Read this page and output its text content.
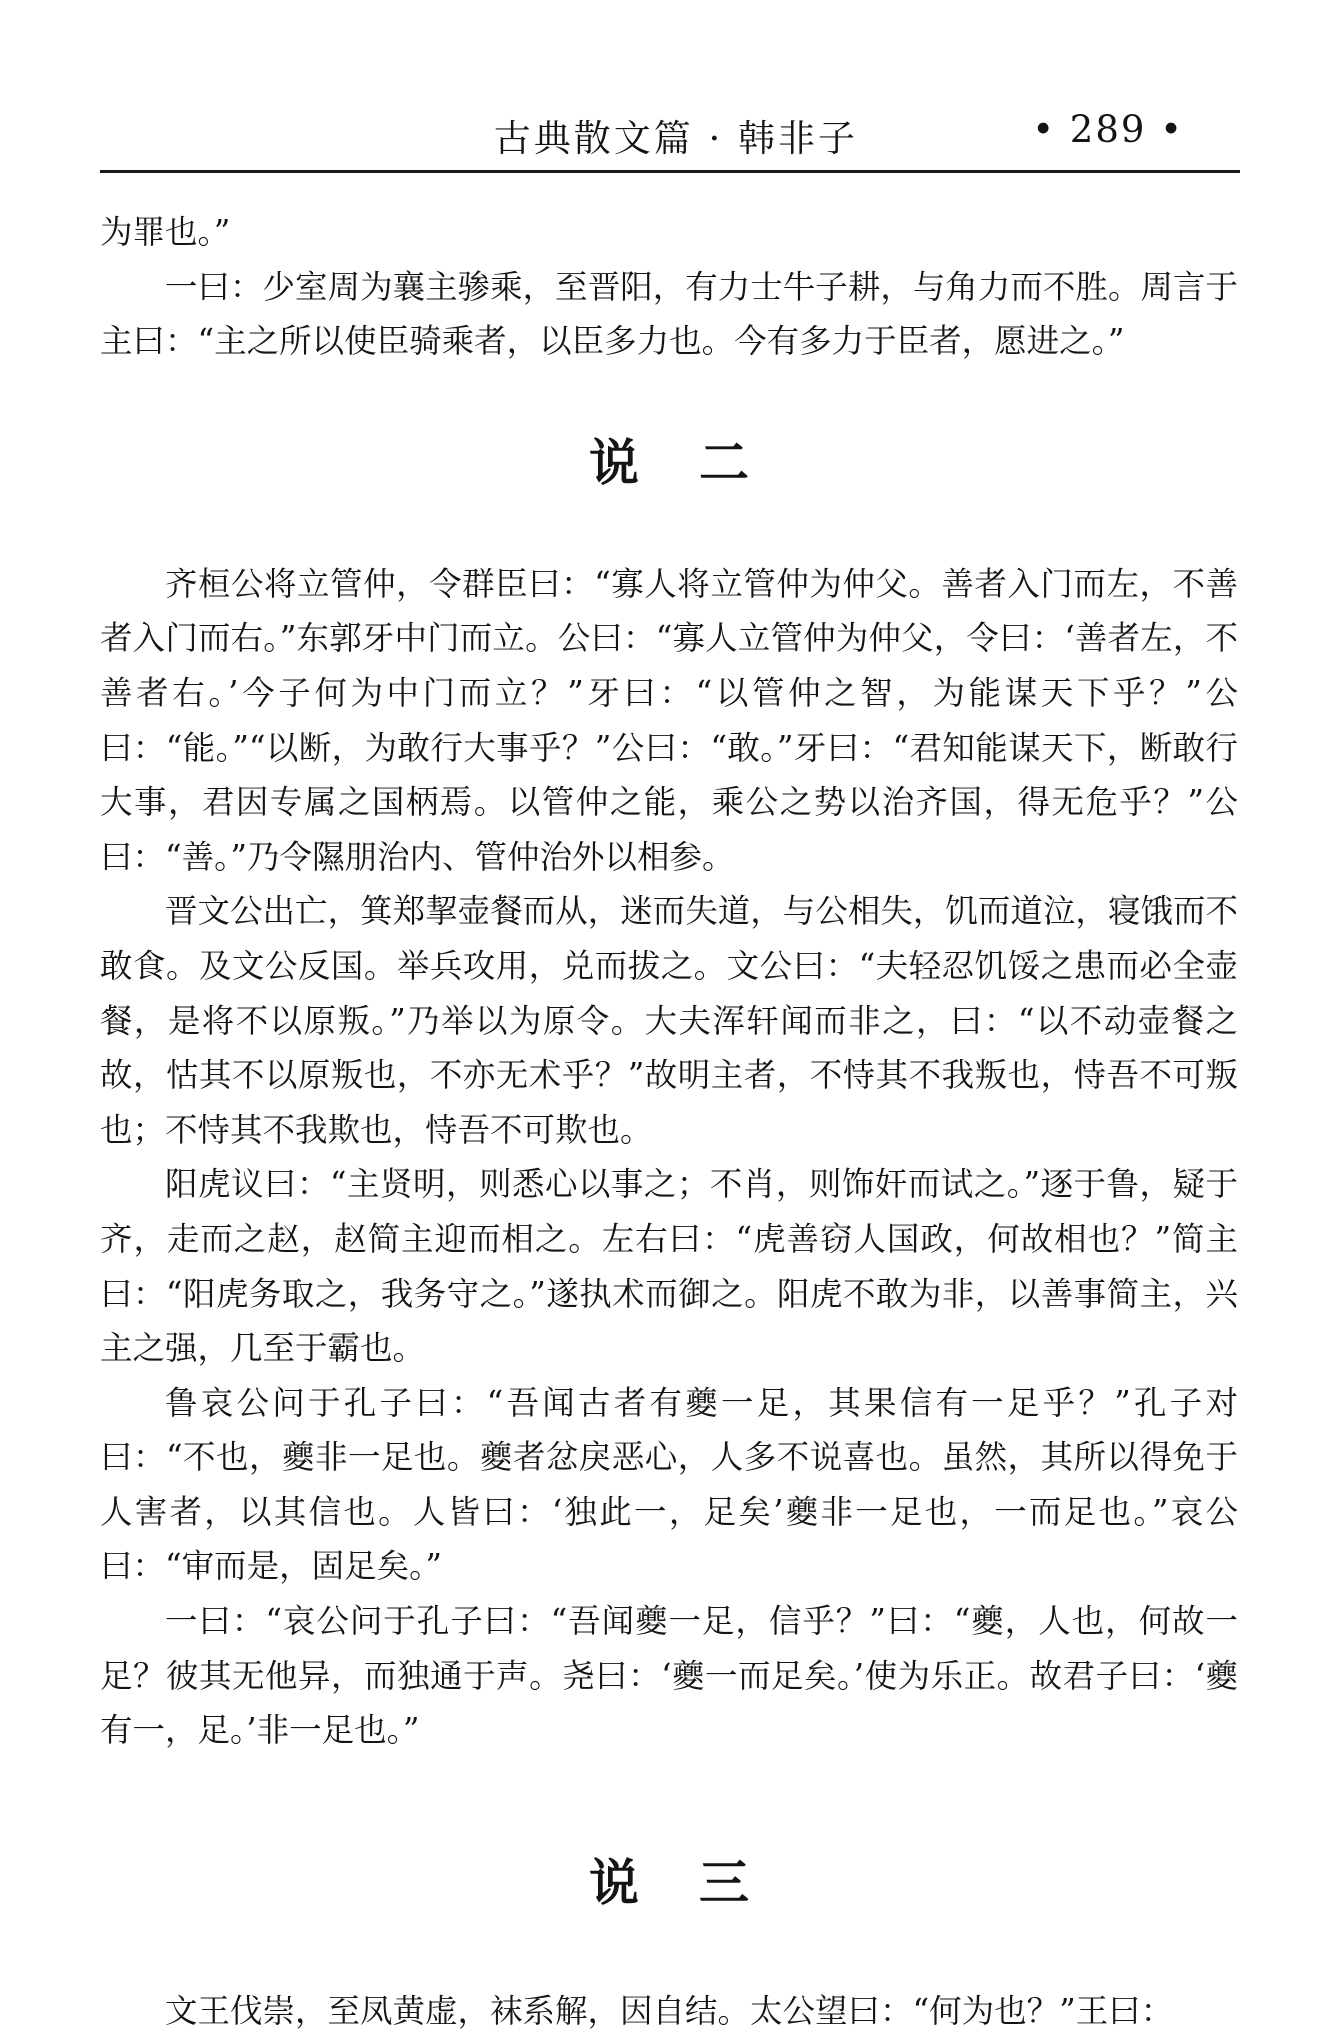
古典散文篇 · 韩非子	• 289 •

为罪也。”

一曰：少室周为襄主骖乘，至晋阳，有力士牛子耕，与角力而不胜。周言于主曰：“主之所以使臣骑乘者，以臣多力也。今有多力于臣者，愿进之。”

说二

齐桓公将立管仲，令群臣曰：“寡人将立管仲为仲父。善者入门而左，不善者入门而右。”东郭牙中门而立。公曰：“寡人立管仲为仲父，令曰：‘善者左，不善者右。’今子何为中门而立？”牙曰：“以管仲之智，为能谋天下乎？”公曰：“能。”“以断，为敢行大事乎？”公曰：“敢。”牙曰：“君知能谋天下，断敢行大事，君因专属之国柄焉。以管仲之能，乘公之势以治齐国，得无危乎？”公曰：“善。”乃令隰朋治内、管仲治外以相参。

晋文公出亡，箕郑挈壶餐而从，迷而失道，与公相失，饥而道泣，寝饿而不敢食。及文公反国。举兵攻用，兑而拔之。文公曰：“夫轻忍饥馁之患而必全壶餐，是将不以原叛。”乃举以为原令。大夫浑轩闻而非之，曰：“以不动壶餐之故，怙其不以原叛也，不亦无术乎？”故明主者，不恃其不我叛也，恃吾不可叛也；不恃其不我欺也，恃吾不可欺也。

阳虎议曰：“主贤明，则悉心以事之；不肖，则饰奸而试之。”逐于鲁，疑于齐，走而之赵，赵简主迎而相之。左右曰：“虎善窃人国政，何故相也？”简主曰：“阳虎务取之，我务守之。”遂执术而御之。阳虎不敢为非，以善事简主，兴主之强，几至于霸也。

鲁哀公问于孔子曰：“吾闻古者有夔一足，其果信有一足乎？”孔子对曰：“不也，夔非一足也。夔者忿戾恶心，人多不说喜也。虽然，其所以得免于人害者，以其信也。人皆曰：‘独此一，足矣’夔非一足也，一而足也。”哀公曰：“审而是，固足矣。”

一曰：“哀公问于孔子曰：“吾闻夔一足，信乎？”曰：“夔，人也，何故一足？彼其无他异，而独通于声。尧曰：‘夔一而足矣。’使为乐正。故君子曰：‘夔有一，足。’非一足也。”

说三

文王伐崇，至凤黄虚，袜系解，因自结。太公望曰：“何为也？”王曰：
